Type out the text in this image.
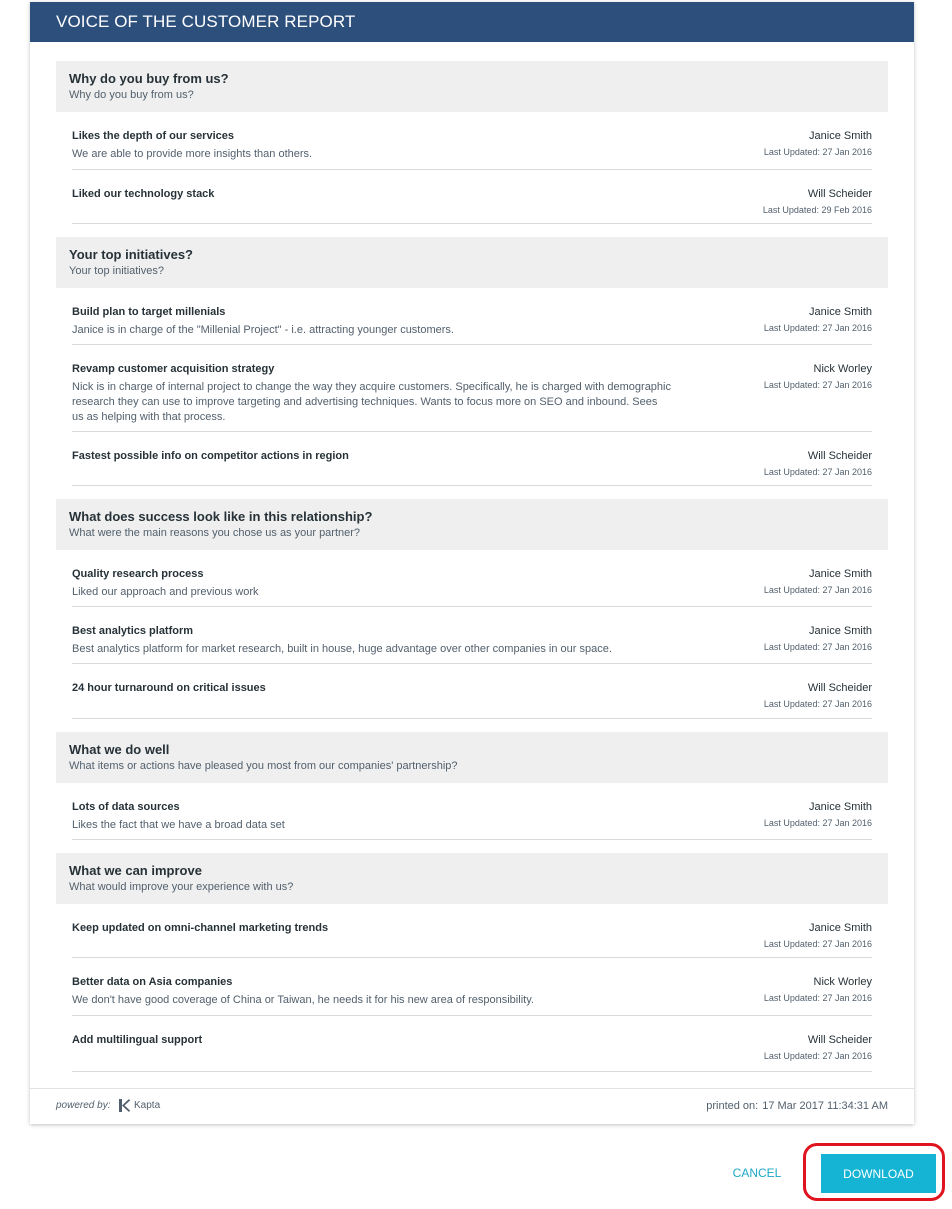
VOICE OF THE CUSTOMER REPORT
Why do you buy from us?
Why do you buy from us?
Likes the depth of our services
We are able to provide more insights than others.
Janice Smith
Last Updated: 27 Jan 2016
Liked our technology stack	Will Scheider
Last Updated: 29 Feb 2016
Your top initiatives?
Your top initiatives?
Build plan to target millenials
Janice is in charge of the "Millenial Project" - i.e. attracting younger customers.
Janice Smith
Last Updated: 27 Jan 2016
Revamp customer acquisition strategy
Nick is in charge of internal project to change the way they acquire customers. Specifically, he is charged with demographic research they can use to improve targeting and advertising techniques. Wants to focus more on SEO and inbound. Sees us as helping with that process.
Nick Worley
Last Updated: 27 Jan 2016
Fastest possible info on competitor actions in region	Will Scheider
Last Updated: 27 Jan 2016
What does success look like in this relationship?
What were the main reasons you chose us as your partner?
Quality research process
Liked our approach and previous work
Janice Smith
Last Updated: 27 Jan 2016
Best analytics platform
Best analytics platform for market research, built in house, huge advantage over other companies in our space.
Janice Smith
Last Updated: 27 Jan 2016
24 hour turnaround on critical issues	Will Scheider
Last Updated: 27 Jan 2016
What we do well
What items or actions have pleased you most from our companies' partnership?
Lots of data sources
Likes the fact that we have a broad data set
Janice Smith
Last Updated: 27 Jan 2016
What we can improve
What would improve your experience with us?
Keep updated on omni-channel marketing trends	Janice Smith
Last Updated: 27 Jan 2016
Better data on Asia companies
We don't have good coverage of China or Taiwan, he needs it for his new area of responsibility.
Nick Worley
Last Updated: 27 Jan 2016
Add multilingual support	Will Scheider
Last Updated: 27 Jan 2016
powered by: Kapta	printed on: 17 Mar 2017 11:34:31 AM
CANCEL	DOWNLOAD
